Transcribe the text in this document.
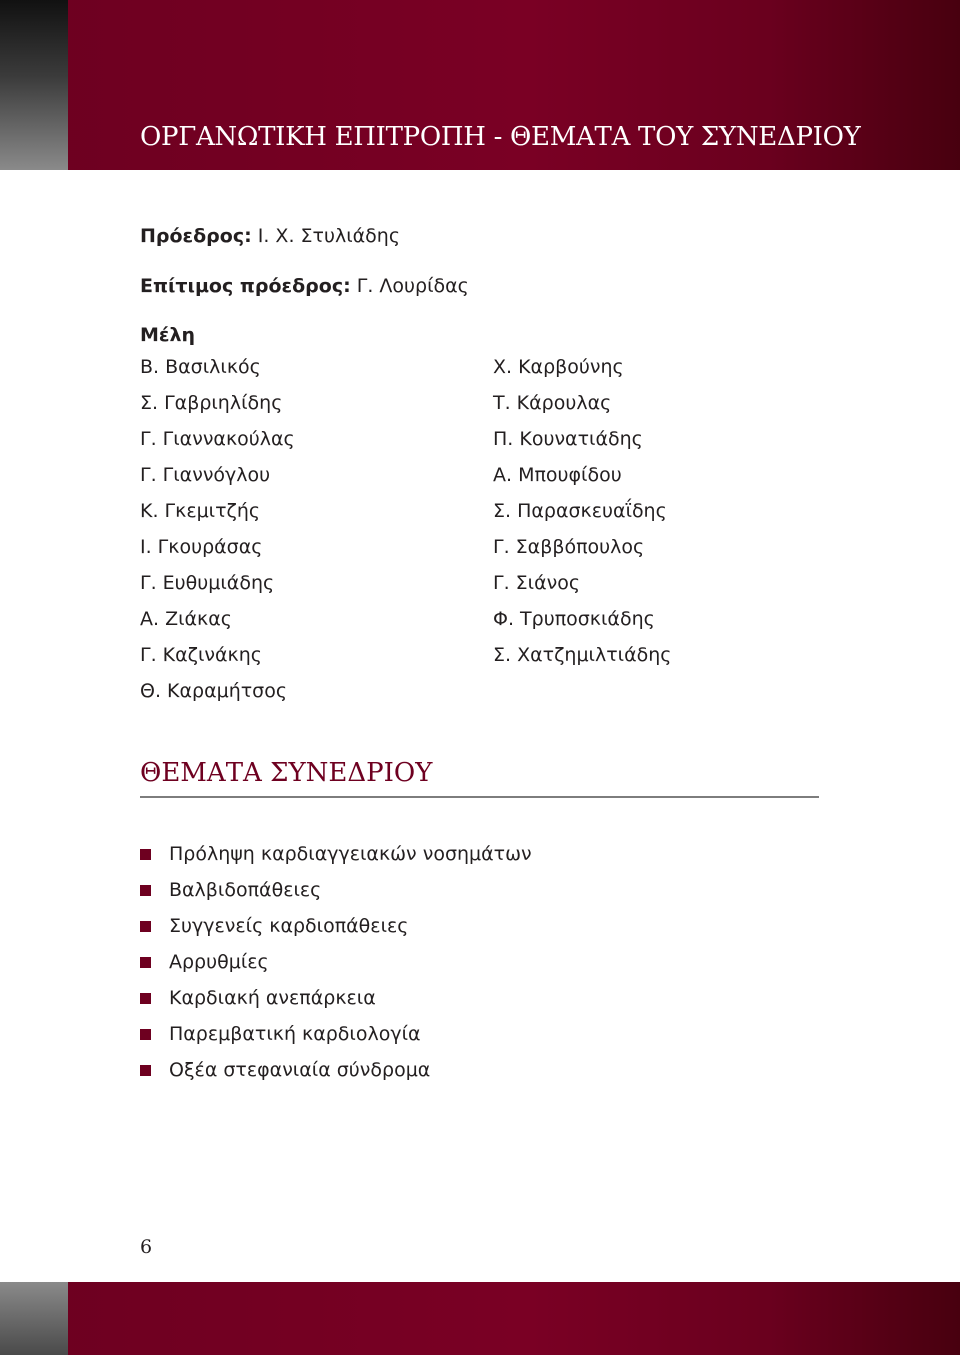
ΟΡΓΑΝΩΤΙΚΗ ΕΠΙΤΡΟΠΗ - ΘΕΜΑΤΑ ΤΟΥ ΣΥΝΕΔΡΙΟΥ
Πρόεδρος: Ι. Χ. Στυλιάδης
Επίτιμος πρόεδρος: Γ. Λουρίδας
Μέλη
Β. Βασιλικός
Σ. Γαβριηλίδης
Γ. Γιαννακούλας
Γ. Γιαννόγλου
Κ. Γκεμιτζής
Ι. Γκουράσας
Γ. Ευθυμιάδης
Α. Ζιάκας
Γ. Καζινάκης
Θ. Καραμήτσος
Χ. Καρβούνης
Τ. Κάρουλας
Π. Κουνατιάδης
Α. Μπουφίδου
Σ. Παρασκευαΐδης
Γ. Σαββόπουλος
Γ. Σιάνος
Φ. Τρυποσκιάδης
Σ. Χατζημιλτιάδης
ΘΕΜΑΤΑ ΣΥΝΕΔΡΙΟΥ
Πρόληψη καρδιαγγειακών νοσημάτων
Βαλβιδοπάθειες
Συγγενείς καρδιοπάθειες
Αρρυθμίες
Καρδιακή ανεπάρκεια
Παρεμβατική καρδιολογία
Οξέα στεφανιαία σύνδρομα
6
